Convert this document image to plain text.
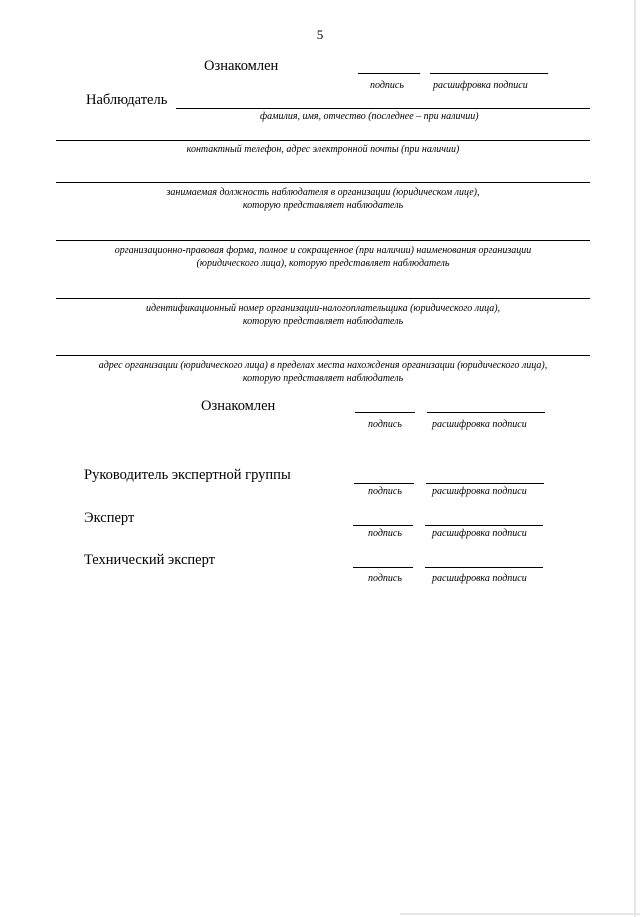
5
Ознакомлен
подпись	расшифровка подписи
Наблюдатель
фамилия, имя, отчество (последнее – при наличии)
контактный телефон, адрес электронной почты (при наличии)
занимаемая должность наблюдателя в организации (юридическом лице),
которую представляет наблюдатель
организационно-правовая форма, полное и сокращенное (при наличии) наименования организации
(юридического лица), которую представляет наблюдатель
идентификационный номер организации-налогоплательщика (юридического лица),
которую представляет наблюдатель
адрес организации (юридического лица) в пределах места нахождения организации (юридического лица),
которую представляет наблюдатель
Ознакомлен
подпись	расшифровка подписи
Руководитель экспертной группы
подпись	расшифровка подписи
Эксперт
подпись	расшифровка подписи
Технический эксперт
подпись	расшифровка подписи
